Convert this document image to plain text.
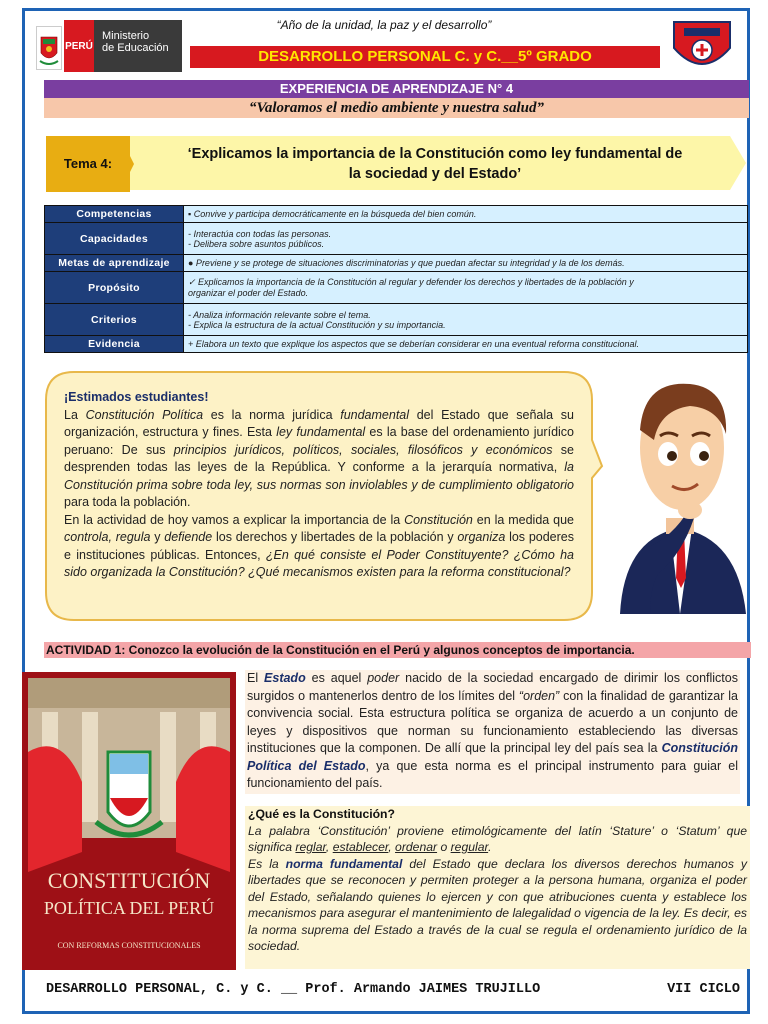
“Año de la unidad, la paz y el desarrollo”
PERÚ
Ministerio
de Educación	DESARROLLO PERSONAL C. y C.__5º GRADO
EXPERIENCIA DE APRENDIZAJE N° 4
“Valoramos el medio ambiente y nuestra salud”
Tema 4:
‘Explicamos la importancia de la Constitución como ley fundamental de
la sociedad y del Estado’
Competencias	▪ Convive y participa democráticamente en la búsqueda del bien común.

Capacidades	- Interactúa con todas las personas.
- Delibera sobre asuntos públicos.

Metas de aprendizaje	● Previene y se protege de situaciones discriminatorias y que puedan afectar su integridad y la de los demás.

Propósito	✓ Explicamos la importancia de la Constitución al regular y defender los derechos y libertades de la población y
organizar el poder del Estado.

Criterios	- Analiza información relevante sobre el tema.
- Explica la estructura de la actual Constitución y su importancia.

Evidencia	+ Elabora un texto que explique los aspectos que se deberían considerar en una eventual reforma constitucional.
¡Estimados estudiantes!
La Constitución Política es la norma jurídica fundamental del Estado que señala su organización, estructura y fines. Esta ley fundamental es la base del ordenamiento jurídico peruano: De sus principios jurídicos, políticos, sociales, filosóficos y económicos se desprenden todas las leyes de la República. Y conforme a la jerarquía normativa, la Constitución prima sobre toda ley, sus normas son inviolables y de cumplimiento obligatorio para toda la población.
En la actividad de hoy vamos a explicar la importancia de la Constitución en la medida que controla, regula y defiende los derechos y libertades de la población y organiza los poderes e instituciones públicas. Entonces, ¿En qué consiste el Poder Constituyente? ¿Cómo ha sido organizada la Constitución? ¿Qué mecanismos existen para la reforma constitucional?
ACTIVIDAD 1: Conozco la evolución de la Constitución en el Perú y algunos conceptos de importancia.
CONSTITUCIÓN
POLÍTICA DEL PERÚ
CON REFORMAS CONSTITUCIONALES
El Estado es aquel poder nacido de la sociedad encargado de dirimir los conflictos surgidos o mantenerlos dentro de los límites del “orden” con la finalidad de garantizar la convivencia social. Esta estructura política se organiza de acuerdo a un conjunto de leyes y dispositivos que norman su funcionamiento estableciendo las diversas instituciones que la componen. De allí que la principal ley del país sea la Constitución Política del Estado, ya que esta norma es el principal instrumento para guiar el funcionamiento del país.
¿Qué es la Constitución?
La palabra ‘Constitución’ proviene etimológicamente del latín ‘Stature’ o ‘Statum’ que significa reglar, establecer, ordenar o regular.
Es la norma fundamental del Estado que declara los diversos derechos humanos y libertades que se reconocen y permiten proteger a la persona humana, organiza el poder del Estado, señalando quienes lo ejercen y con que atribuciones cuenta y establece los mecanismos para asegurar el mantenimiento de lalegalidad o vigencia de la ley. Es decir, es la norma suprema del Estado a través de la cual se regula el ordenamiento jurídico de la sociedad.
DESARROLLO PERSONAL, C. y C. __ Prof. Armando JAIMES TRUJILLO	VII CICLO
